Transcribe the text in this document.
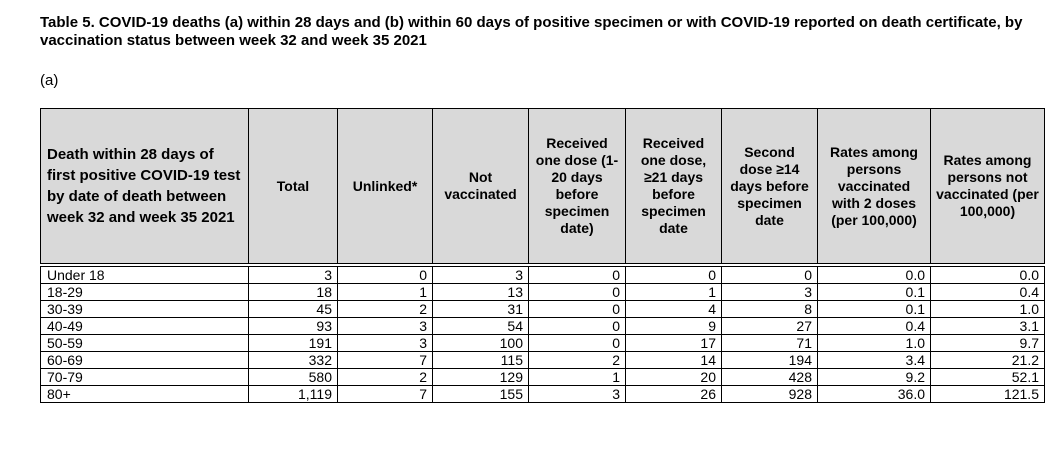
Table 5. COVID-19 deaths (a) within 28 days and (b) within 60 days of positive specimen or with COVID-19 reported on death certificate, by vaccination status between week 32 and week 35 2021
(a)
Death within 28 days of first positive COVID-19 test by date of death between week 32 and week 35 2021	Total	Unlinked*	Not vaccinated	Received one dose (1-20 days before specimen date)	Received one dose, ≥21 days before specimen date	Second dose ≥14 days before specimen date	Rates among persons vaccinated with 2 doses (per 100,000)	Rates among persons not vaccinated (per 100,000)

Under 18	3	0	3	0	0	0	0.0	0.0
18-29	18	1	13	0	1	3	0.1	0.4
30-39	45	2	31	0	4	8	0.1	1.0
40-49	93	3	54	0	9	27	0.4	3.1
50-59	191	3	100	0	17	71	1.0	9.7
60-69	332	7	115	2	14	194	3.4	21.2
70-79	580	2	129	1	20	428	9.2	52.1
80+	1,119	7	155	3	26	928	36.0	121.5
